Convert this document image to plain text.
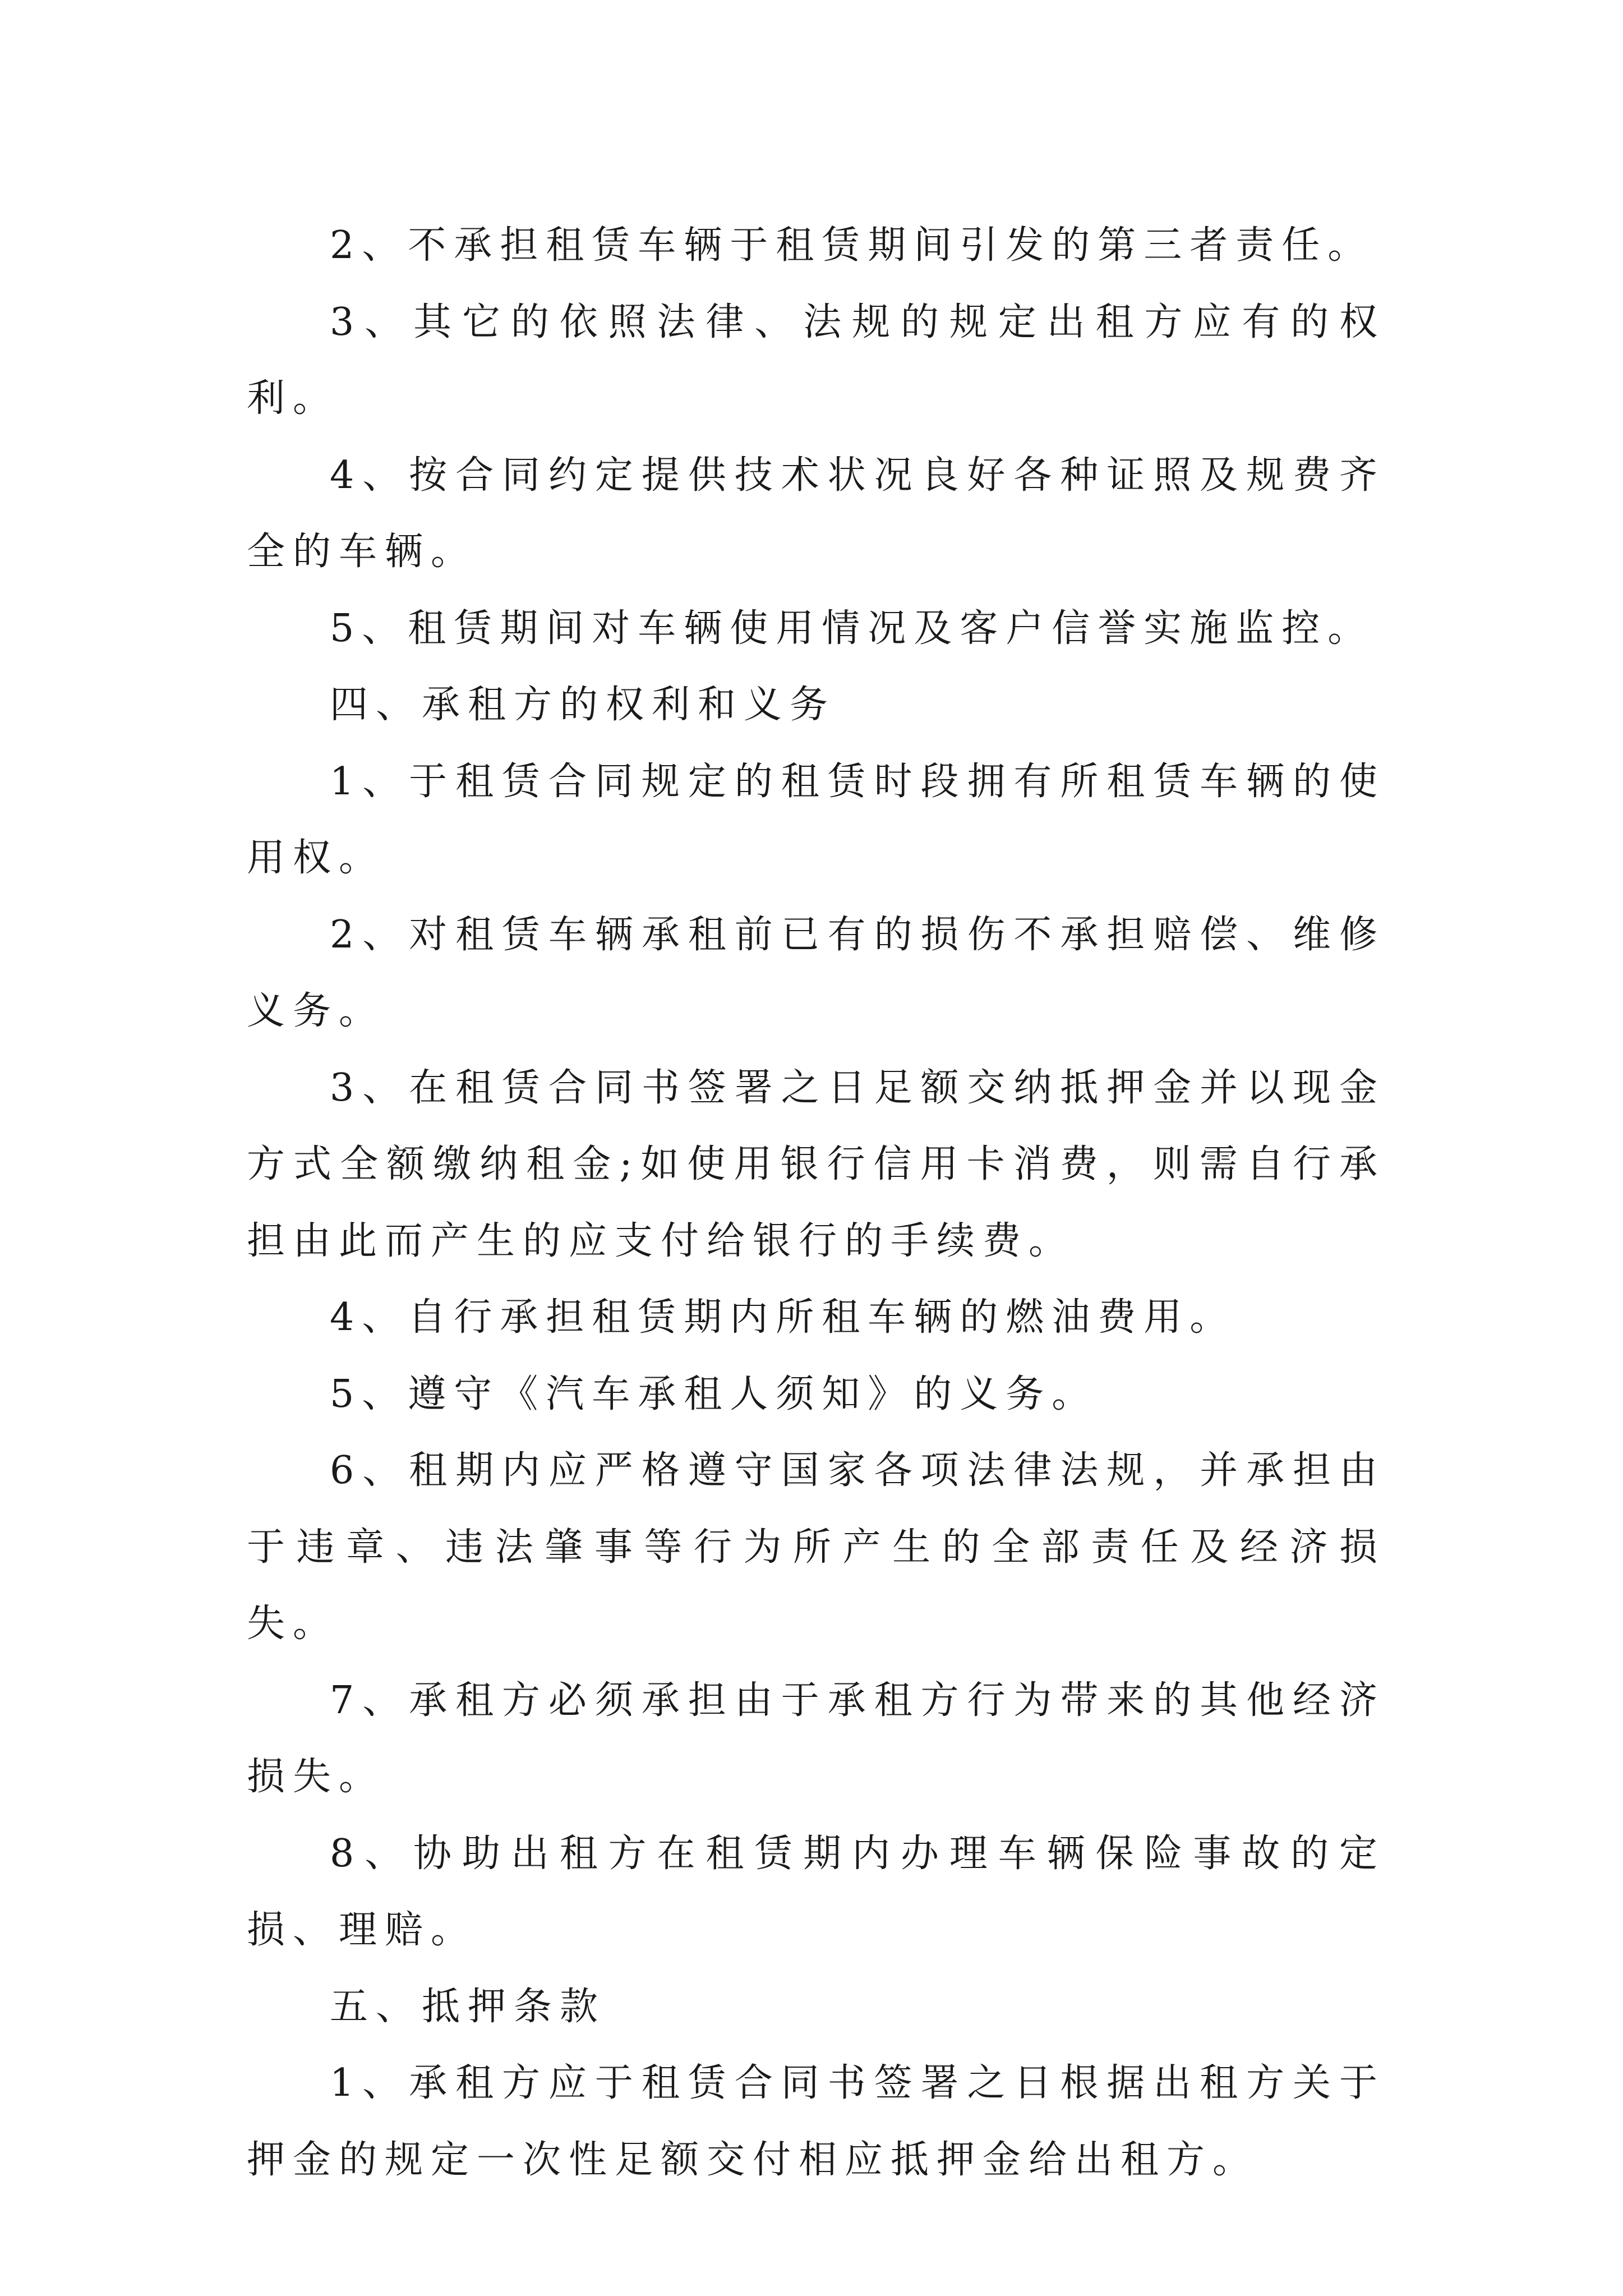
2、不承担租赁车辆于租赁期间引发的第三者责任。

3、其它的依照法律、法规的规定出租方应有的权利。

4、按合同约定提供技术状况良好各种证照及规费齐全的车辆。

5、租赁期间对车辆使用情况及客户信誉实施监控。

四、承租方的权利和义务

1、于租赁合同规定的租赁时段拥有所租赁车辆的使用权。

2、对租赁车辆承租前已有的损伤不承担赔偿、维修义务。

3、在租赁合同书签署之日足额交纳抵押金并以现金方式全额缴纳租金;如使用银行信用卡消费，则需自行承担由此而产生的应支付给银行的手续费。

4、自行承担租赁期内所租车辆的燃油费用。

5、遵守《汽车承租人须知》的义务。

6、租期内应严格遵守国家各项法律法规，并承担由于违章、违法肇事等行为所产生的全部责任及经济损失。

7、承租方必须承担由于承租方行为带来的其他经济损失。

8、协助出租方在租赁期内办理车辆保险事故的定损、理赔。

五、抵押条款

1、承租方应于租赁合同书签署之日根据出租方关于押金的规定一次性足额交付相应抵押金给出租方。
